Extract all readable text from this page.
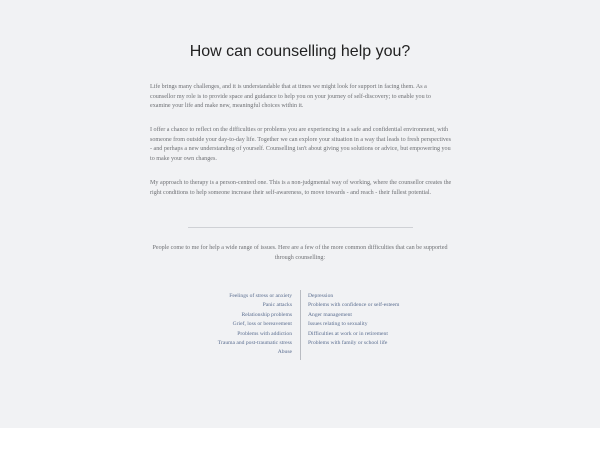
How can counselling help you?

Life brings many challenges, and it is understandable that at times we might look for support in facing them. As a counsellor my role is to provide space and guidance to help you on your journey of self-discovery; to enable you to examine your life and make new, meaningful choices within it.

I offer a chance to reflect on the difficulties or problems you are experiencing in a safe and confidential environment, with someone from outside your day-to-day life. Together we can explore your situation in a way that leads to fresh perspectives - and perhaps a new understanding of yourself. Counselling isn't about giving you solutions or advice, but empowering you to make your own changes.

My approach to therapy is a person-centred one. This is a non-judgmental way of working, where the counsellor creates the right conditions to help someone increase their self-awareness, to move towards - and reach - their fullest potential.

People come to me for help a wide range of issues. Here are a few of the more common difficulties that can be supported through counselling:

Feelings of stress or anxiety
Panic attacks
Relationship problems
Grief, loss or bereavement
Problems with addiction
Trauma and post-traumatic stress
Abuse
Depression
Problems with confidence or self-esteem
Anger management
Issues relating to sexuality
Difficulties at work or in retirement
Problems with family or school life
